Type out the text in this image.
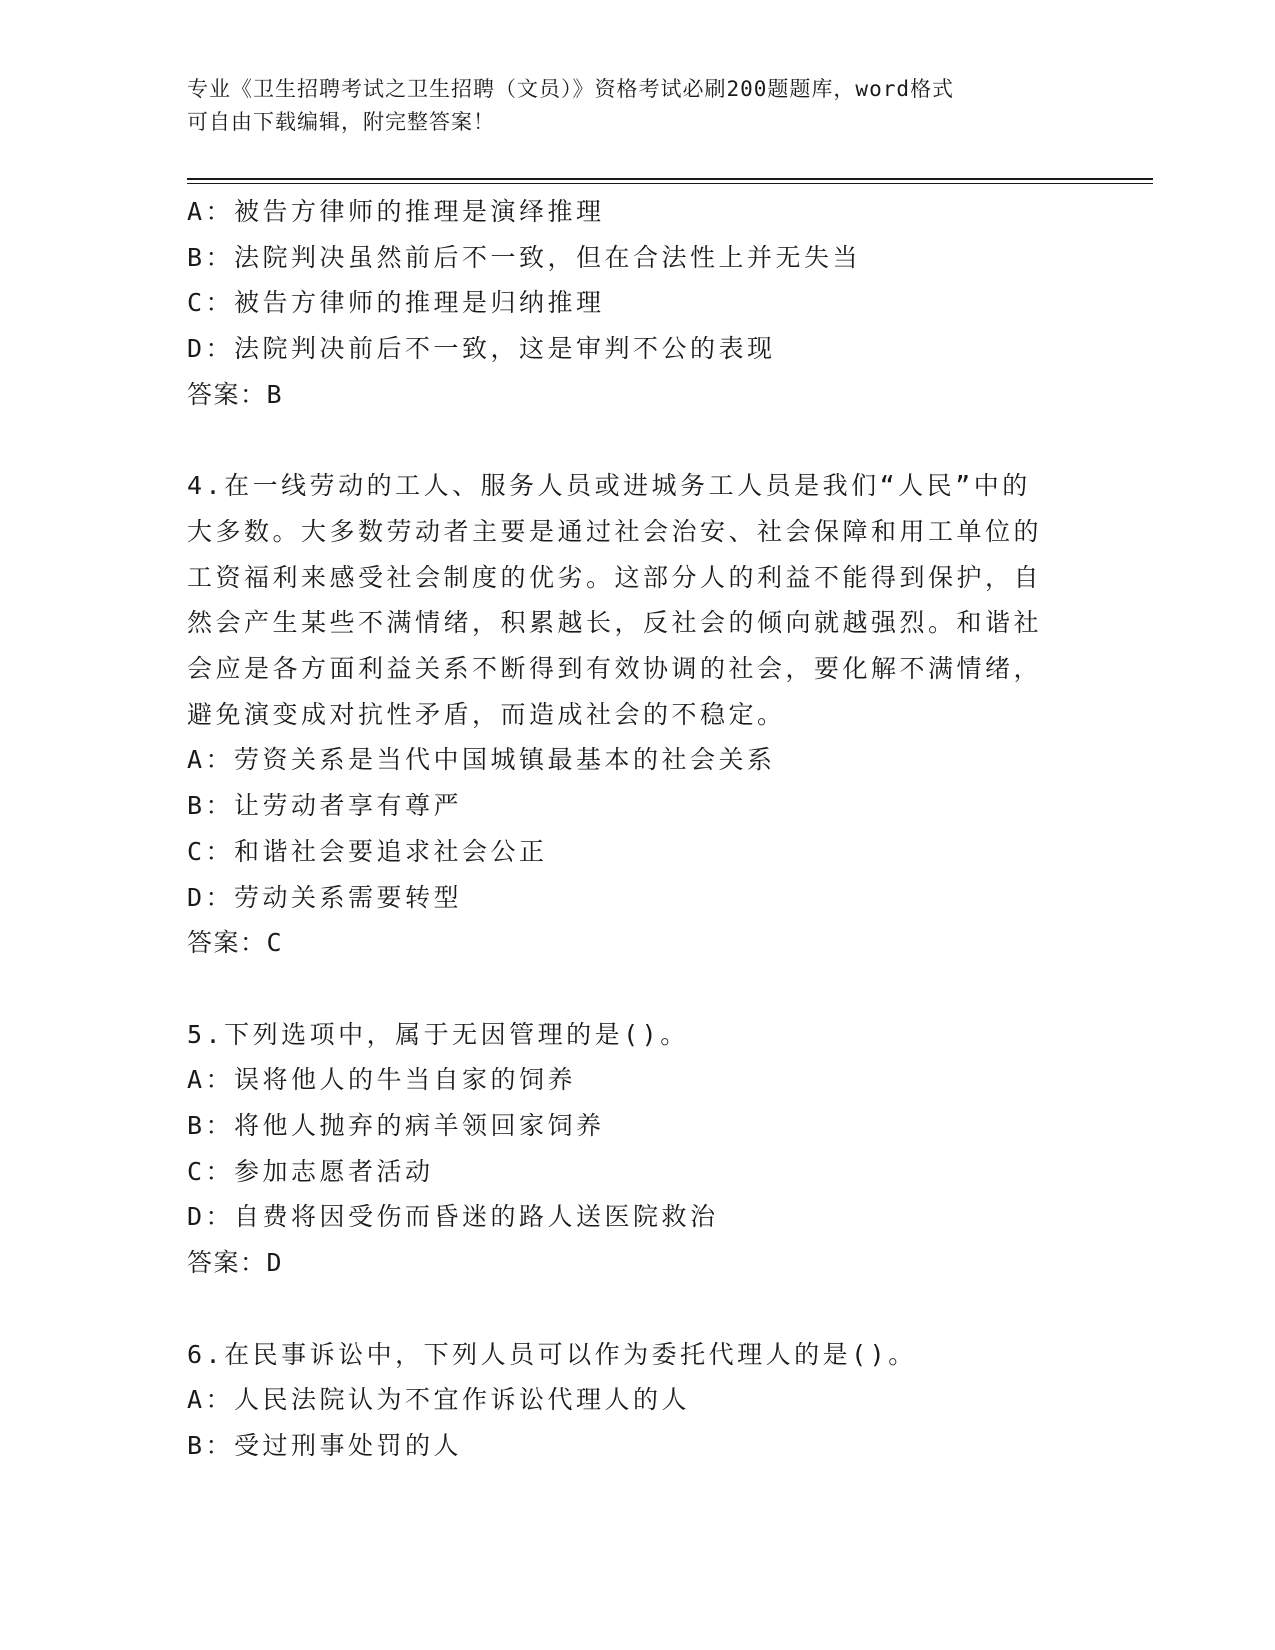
专业《卫生招聘考试之卫生招聘（文员）》资格考试必刷200题题库，word格式
可自由下载编辑，附完整答案！
A：被告方律师的推理是演绎推理
B：法院判决虽然前后不一致，但在合法性上并无失当
C：被告方律师的推理是归纳推理
D：法院判决前后不一致，这是审判不公的表现
答案：B
4.在一线劳动的工人、服务人员或进城务工人员是我们“人民”中的
大多数。大多数劳动者主要是通过社会治安、社会保障和用工单位的
工资福利来感受社会制度的优劣。这部分人的利益不能得到保护，自
然会产生某些不满情绪，积累越长，反社会的倾向就越强烈。和谐社
会应是各方面利益关系不断得到有效协调的社会，要化解不满情绪，
避免演变成对抗性矛盾，而造成社会的不稳定。
A：劳资关系是当代中国城镇最基本的社会关系
B：让劳动者享有尊严
C：和谐社会要追求社会公正
D：劳动关系需要转型
答案：C
5.下列选项中，属于无因管理的是()。
A：误将他人的牛当自家的饲养
B：将他人抛弃的病羊领回家饲养
C：参加志愿者活动
D：自费将因受伤而昏迷的路人送医院救治
答案：D
6.在民事诉讼中，下列人员可以作为委托代理人的是()。
A：人民法院认为不宜作诉讼代理人的人
B：受过刑事处罚的人
